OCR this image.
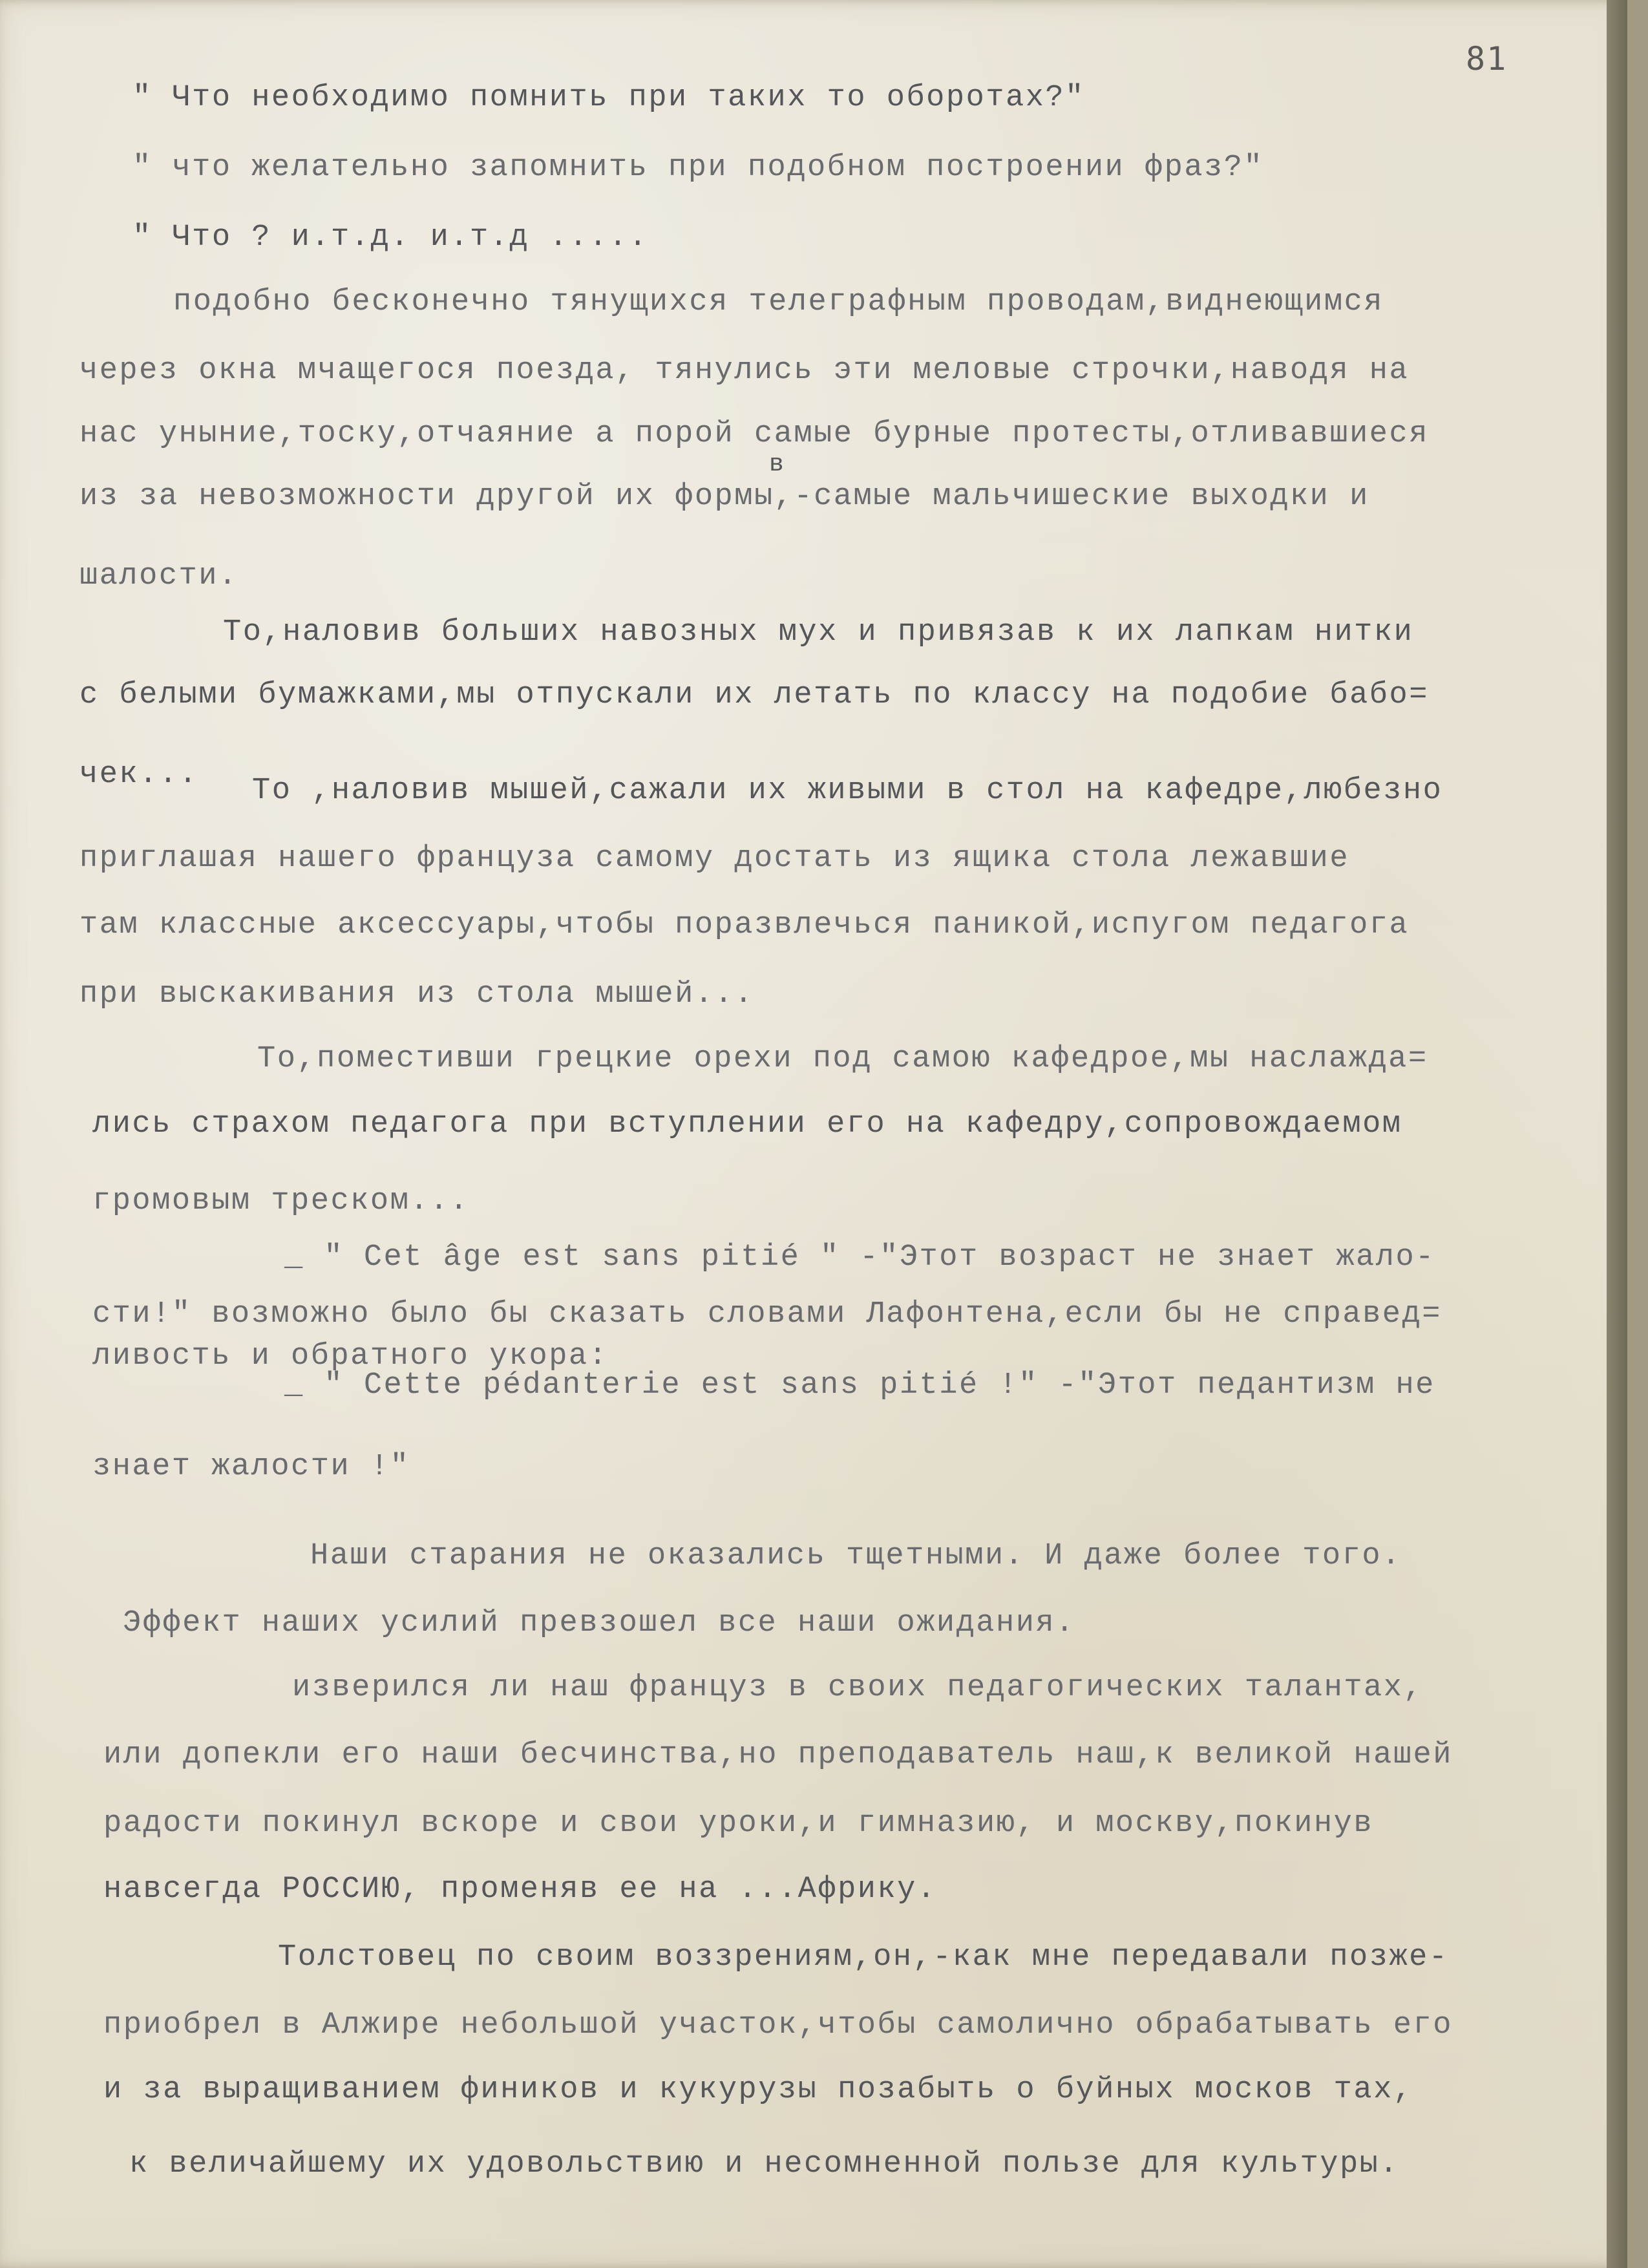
81
" Что необходимо помнить при таких то оборотах?"
" что желательно запомнить при подобном построении фраз?"
" Что ? и.т.д. и.т.д .....
подобно бесконечно тянущихся телеграфным проводам,виднеющимся
через окна мчащегося поезда, тянулись эти меловые строчки,наводя на
нас уныние,тоску,отчаяние а порой самые бурные протесты,отливавшиеся
в
из за невозможности другой их формы,-самые мальчишеские выходки и
шалости.
То,наловив больших навозных мух и привязав к их лапкам нитки
с белыми бумажками,мы отпускали их летать по классу на подобие бабо=
чек... То ,наловив мышей,сажали их живыми в стол на кафедре,любезно
приглашая нашего француза самому достать из ящика стола лежавшие
там классные аксессуары,чтобы поразвлечься паникой,испугом педагога
при выскакивания из стола мышей...
То,поместивши грецкие орехи под самою кафедрое,мы наслажда=
лись страхом педагога при вступлении его на кафедру,сопровождаемом
громовым треском...
_ " Cet âge est sans pitié " -"Этот возраст не знает жало-
сти!" возможно было бы сказать словами Лафонтена,если бы не справед=
ливость и обратного укора:
_ " Cette pédanterie est sans pitié !" -"Этот педантизм не
знает жалости !"
Наши старания не оказались тщетными. И даже более того.
Эффект наших усилий превзошел все наши ожидания.
изверился ли наш француз в своих педагогических талантах,
или допекли его наши бесчинства,но преподаватель наш,к великой нашей
радости покинул вскоре и свои уроки,и гимназию, и москву,покинув
навсегда РОССИЮ, променяв ее на ...Африку.
Толстовец по своим воззрениям,он,-как мне передавали позже-
приобрел в Алжире небольшой участок,чтобы самолично обрабатывать его
и за выращиванием фиников и кукурузы позабыть о буйных москов тах,
к величайшему их удовольствию и несомненной пользе для культуры.
